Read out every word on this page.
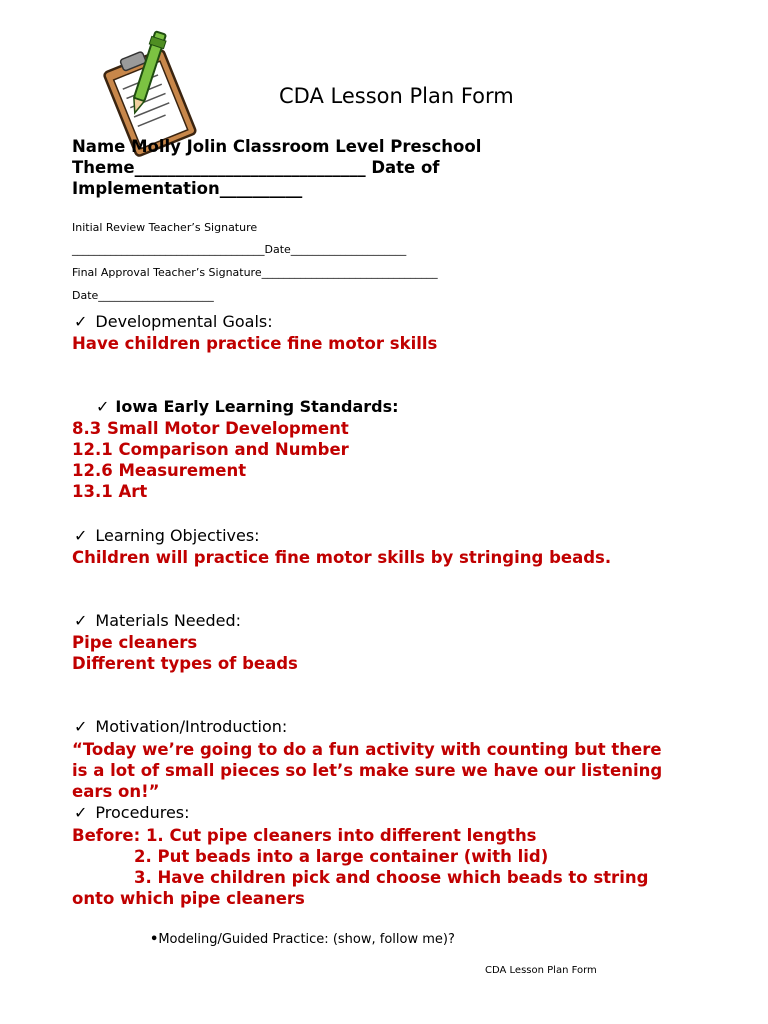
CDA Lesson Plan Form
Name Molly Jolin Classroom Level Preschool
Theme____________________________ Date of
Implementation__________
Initial Review Teacher’s Signature
___________________________________Date_____________________
Final Approval Teacher’s Signature________________________________
Date_____________________
✓ Developmental Goals:
Have children practice fine motor skills
✓ Iowa Early Learning Standards:
8.3 Small Motor Development
12.1 Comparison and Number
12.6 Measurement
13.1 Art
✓ Learning Objectives:
Children will practice fine motor skills by stringing beads.
✓ Materials Needed:
Pipe cleaners
Different types of beads
✓ Motivation/Introduction:
“Today we’re going to do a fun activity with counting but there
is a lot of small pieces so let’s make sure we have our listening
ears on!”
✓ Procedures:
Before: 1. Cut pipe cleaners into different lengths
2. Put beads into a large container (with lid)
3. Have children pick and choose which beads to string
onto which pipe cleaners
•Modeling/Guided Practice: (show, follow me)?
CDA Lesson Plan Form
